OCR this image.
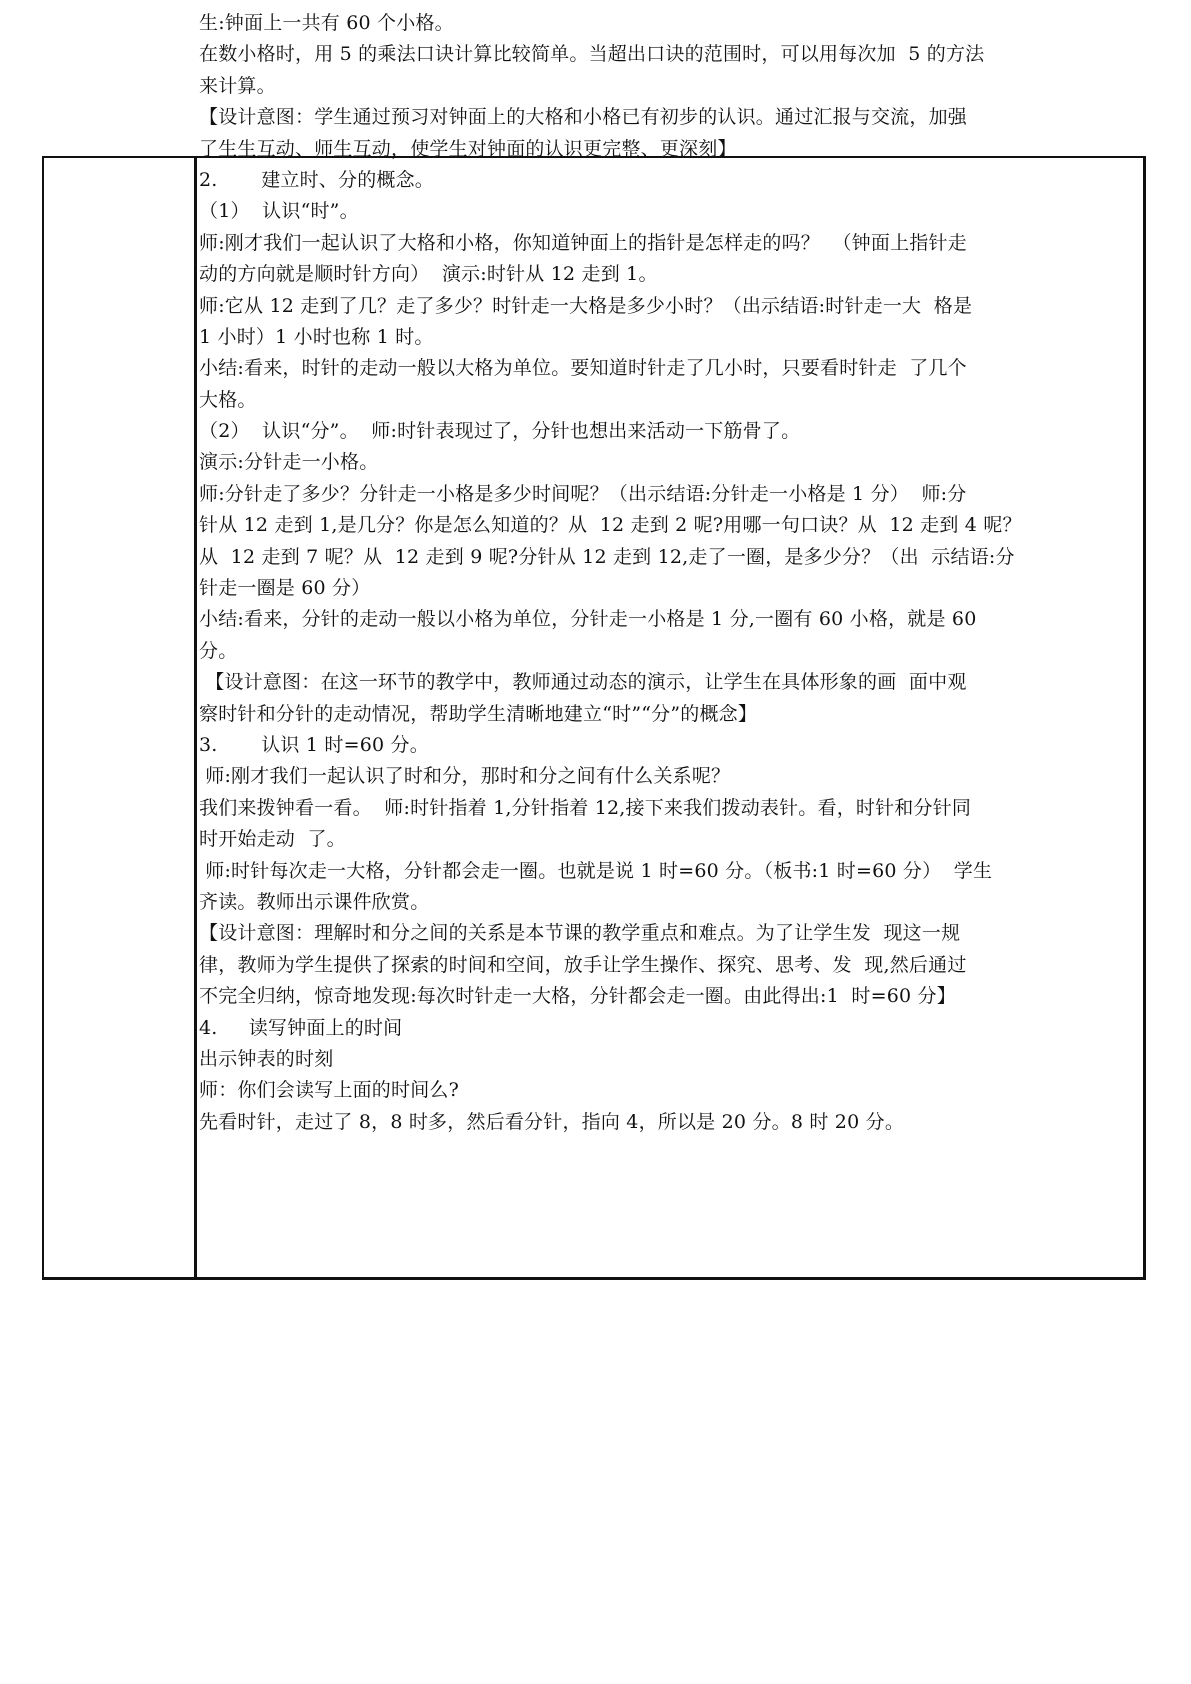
生:钟面上一共有 60 个小格。
在数小格时，用 5 的乘法口诀计算比较简单。当超出口诀的范围时，可以用每次加  5 的方法
来计算。
【设计意图：学生通过预习对钟面上的大格和小格已有初步的认识。通过汇报与交流，加强
了生生互动、师生互动，使学生对钟面的认识更完整、更深刻】
2.       建立时、分的概念。
（1）  认识“时”。
师:刚才我们一起认识了大格和小格，你知道钟面上的指针是怎样走的吗？  （钟面上指针走
动的方向就是顺时针方向）  演示:时针从 12 走到 1。
师:它从 12 走到了几？走了多少？时针走一大格是多少小时？（出示结语:时针走一大  格是
1 小时）1 小时也称 1 时。
小结:看来，时针的走动一般以大格为单位。要知道时针走了几小时，只要看时针走  了几个
大格。
（2）  认识“分”。  师:时针表现过了，分针也想出来活动一下筋骨了。
演示:分针走一小格。
师:分针走了多少？分针走一小格是多少时间呢？（出示结语:分针走一小格是 1 分）  师:分
针从 12 走到 1,是几分？你是怎么知道的？从  12 走到 2 呢?用哪一句口诀？从  12 走到 4 呢？
从  12 走到 7 呢？从  12 走到 9 呢?分针从 12 走到 12,走了一圈，是多少分？（出  示结语:分
针走一圈是 60 分）
小结:看来，分针的走动一般以小格为单位，分针走一小格是 1 分,一圈有 60 小格，就是 60
分。
【设计意图：在这一环节的教学中，教师通过动态的演示，让学生在具体形象的画  面中观
察时针和分针的走动情况，帮助学生清晰地建立“时”“分”的概念】
3.       认识 1 时=60 分。
师:刚才我们一起认识了时和分，那时和分之间有什么关系呢？
我们来拨钟看一看。  师:时针指着 1,分针指着 12,接下来我们拨动表针。看，时针和分针同
时开始走动  了。
师:时针每次走一大格，分针都会走一圈。也就是说 1 时=60 分。（板书:1 时=60 分）  学生
齐读。教师出示课件欣赏。
【设计意图：理解时和分之间的关系是本节课的教学重点和难点。为了让学生发  现这一规
律，教师为学生提供了探索的时间和空间，放手让学生操作、探究、思考、发  现,然后通过
不完全归纳，惊奇地发现:每次时针走一大格，分针都会走一圈。由此得出:1  时=60 分】
4.     读写钟面上的时间
出示钟表的时刻
师：你们会读写上面的时间么?
先看时针，走过了 8，8 时多，然后看分针，指向 4，所以是 20 分。8 时 20 分。
